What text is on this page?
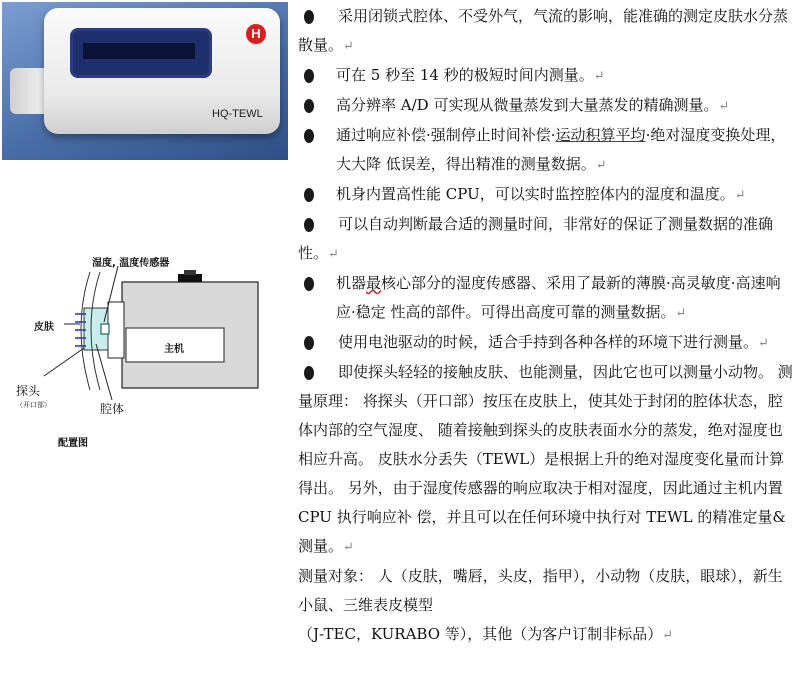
H
HQ-TEWL
湿度, 温度传感器
皮肤
主机
探头
（开口部）	腔体
配置图
采用闭锁式腔体、不受外气，气流的影响，能准确的测定皮肤水分蒸散量。↵
可在 5 秒至 14 秒的极短时间内测量。↵
高分辨率 A/D 可实现从微量蒸发到大量蒸发的精确测量。↵
通过响应补偿·强制停止时间补偿·运动积算平均·绝对湿度变换处理，大大降 低误差，得出精准的测量数据。↵
机身内置高性能 CPU，可以实时监控腔体内的湿度和温度。↵
可以自动判断最合适的测量时间，非常好的保证了测量数据的准确性。↵
机器最核心部分的湿度传感器、采用了最新的薄膜·高灵敏度·高速响应·稳定 性高的部件。可得出高度可靠的测量数据。↵
使用电池驱动的时候，适合手持到各种各样的环境下进行测量。↵
即使探头轻轻的接触皮肤、也能测量，因此它也可以测量小动物。 测量原理： 将探头（开口部）按压在皮肤上，使其处于封闭的腔体状态，腔体内部的空气湿度、 随着接触到探头的皮肤表面水分的蒸发，绝对湿度也相应升高。 皮肤水分丢失（TEWL）是根据上升的绝对湿度变化量而计算得出。 另外，由于湿度传感器的响应取决于相对湿度，因此通过主机内置 CPU 执行响应补 偿，并且可以在任何环境中执行对 TEWL 的精准定量&测量。↵
测量对象： 人（皮肤，嘴唇，头皮，指甲），小动物（皮肤，眼球），新生小鼠、三维表皮模型
（J-TEC，KURABO 等），其他（为客户订制非标品）↵
